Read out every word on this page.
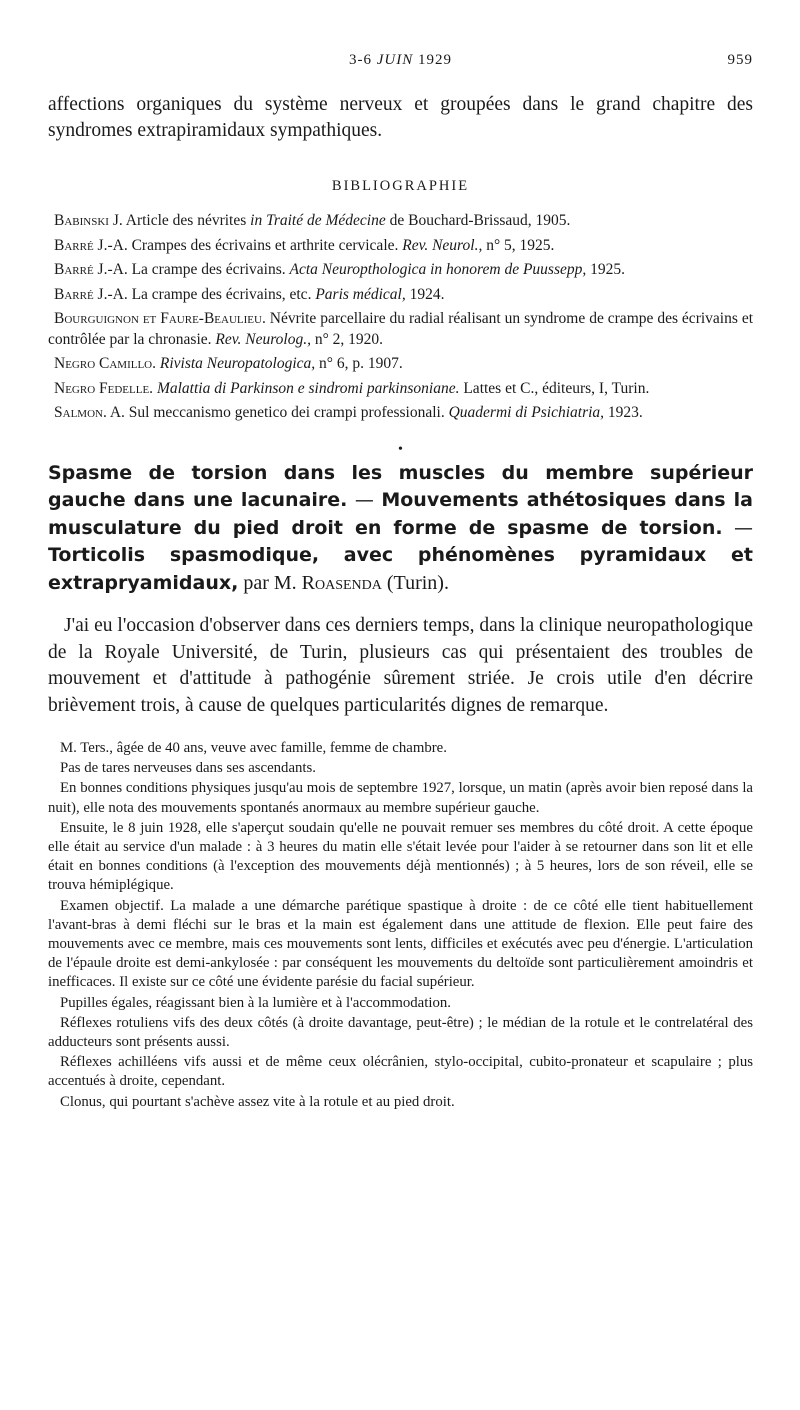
3-6 JUIN 1929	959

affections organiques du système nerveux et groupées dans le grand chapitre des syndromes extrapiramidaux sympathiques.

BIBLIOGRAPHIE

Babinski J. Article des névrites in Traité de Médecine de Bouchard-Brissaud, 1905.

Barré J.-A. Crampes des écrivains et arthrite cervicale. Rev. Neurol., n° 5, 1925.

Barré J.-A. La crampe des écrivains. Acta Neuropthologica in honorem de Puussepp, 1925.

Barré J.-A. La crampe des écrivains, etc. Paris médical, 1924.

Bourguignon et Faure-Beaulieu. Névrite parcellaire du radial réalisant un syndrome de crampe des écrivains et contrôlée par la chronasie. Rev. Neurolog., n° 2, 1920.

Negro Camillo. Rivista Neuropatologica, n° 6, p. 1907.

Negro Fedelle. Malattia di Parkinson e sindromi parkinsoniane. Lattes et C., éditeurs, I, Turin.

Salmon. A. Sul meccanismo genetico dei crampi professionali. Quadermi di Psichiatria, 1923.

•
Spasme de torsion dans les muscles du membre supérieur gauche dans une lacunaire. — Mouvements athétosiques dans la musculature du pied droit en forme de spasme de torsion. — Torticolis spasmodique, avec phénomènes pyramidaux et extrapryamidaux, par M. Roasenda (Turin).

J'ai eu l'occasion d'observer dans ces derniers temps, dans la clinique neuropathologique de la Royale Université, de Turin, plusieurs cas qui présentaient des troubles de mouvement et d'attitude à pathogénie sûrement striée. Je crois utile d'en décrire brièvement trois, à cause de quelques particularités dignes de remarque.

M. Ters., âgée de 40 ans, veuve avec famille, femme de chambre.

Pas de tares nerveuses dans ses ascendants.

En bonnes conditions physiques jusqu'au mois de septembre 1927, lorsque, un matin (après avoir bien reposé dans la nuit), elle nota des mouvements spontanés anormaux au membre supérieur gauche.

Ensuite, le 8 juin 1928, elle s'aperçut soudain qu'elle ne pouvait remuer ses membres du côté droit. A cette époque elle était au service d'un malade : à 3 heures du matin elle s'était levée pour l'aider à se retourner dans son lit et elle était en bonnes conditions (à l'exception des mouvements déjà mentionnés) ; à 5 heures, lors de son réveil, elle se trouva hémiplégique.

Examen objectif. La malade a une démarche parétique spastique à droite : de ce côté elle tient habituellement l'avant-bras à demi fléchi sur le bras et la main est également dans une attitude de flexion. Elle peut faire des mouvements avec ce membre, mais ces mouvements sont lents, difficiles et exécutés avec peu d'énergie. L'articulation de l'épaule droite est demi-ankylosée : par conséquent les mouvements du deltoïde sont particulièrement amoindris et inefficaces. Il existe sur ce côté une évidente parésie du facial supérieur.

Pupilles égales, réagissant bien à la lumière et à l'accommodation.

Réflexes rotuliens vifs des deux côtés (à droite davantage, peut-être) ; le médian de la rotule et le contrelatéral des adducteurs sont présents aussi.

Réflexes achilléens vifs aussi et de même ceux olécrânien, stylo-occipital, cubito-pronateur et scapulaire ; plus accentués à droite, cependant.

Clonus, qui pourtant s'achève assez vite à la rotule et au pied droit.
